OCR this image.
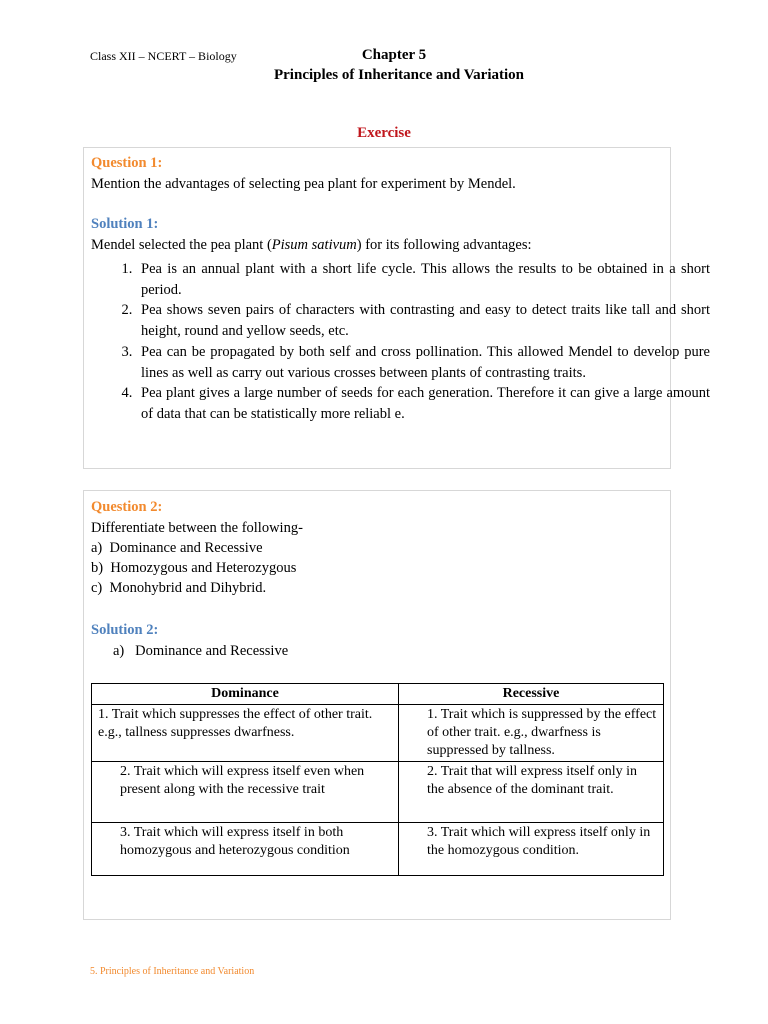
Class XII – NCERT – Biology	Chapter 5
Principles of Inheritance and Variation
Exercise
Question 1:
Mention the advantages of selecting pea plant for experiment by Mendel.
Solution 1:
Mendel selected the pea plant (Pisum sativum) for its following advantages:
1. Pea is an annual plant with a short life cycle. This allows the results to be obtained in a short period.
2. Pea shows seven pairs of characters with contrasting and easy to detect traits like tall and short height, round and yellow seeds, etc.
3. Pea can be propagated by both self and cross pollination. This allowed Mendel to develop pure lines as well as carry out various crosses between plants of contrasting traits.
4. Pea plant gives a large number of seeds for each generation. Therefore it can give a large amount of data that can be statistically more reliabl e.
Question 2:
Differentiate between the following-
a)  Dominance and Recessive
b)  Homozygous and Heterozygous
c)  Monohybrid and Dihybrid.
Solution 2:
a)   Dominance and Recessive
Dominance	Recessive
1. Trait which suppresses the effect of other trait. e.g., tallness suppresses dwarfness.	1. Trait which is suppressed by the effect of other trait. e.g., dwarfness is suppressed by tallness.
2. Trait which will express itself even when present along with the recessive trait	2. Trait that will express itself only in the absence of the dominant trait.
3. Trait which will express itself in both homozygous and heterozygous condition	3. Trait which will express itself only in the homozygous condition.
5. Principles of Inheritance and Variation
